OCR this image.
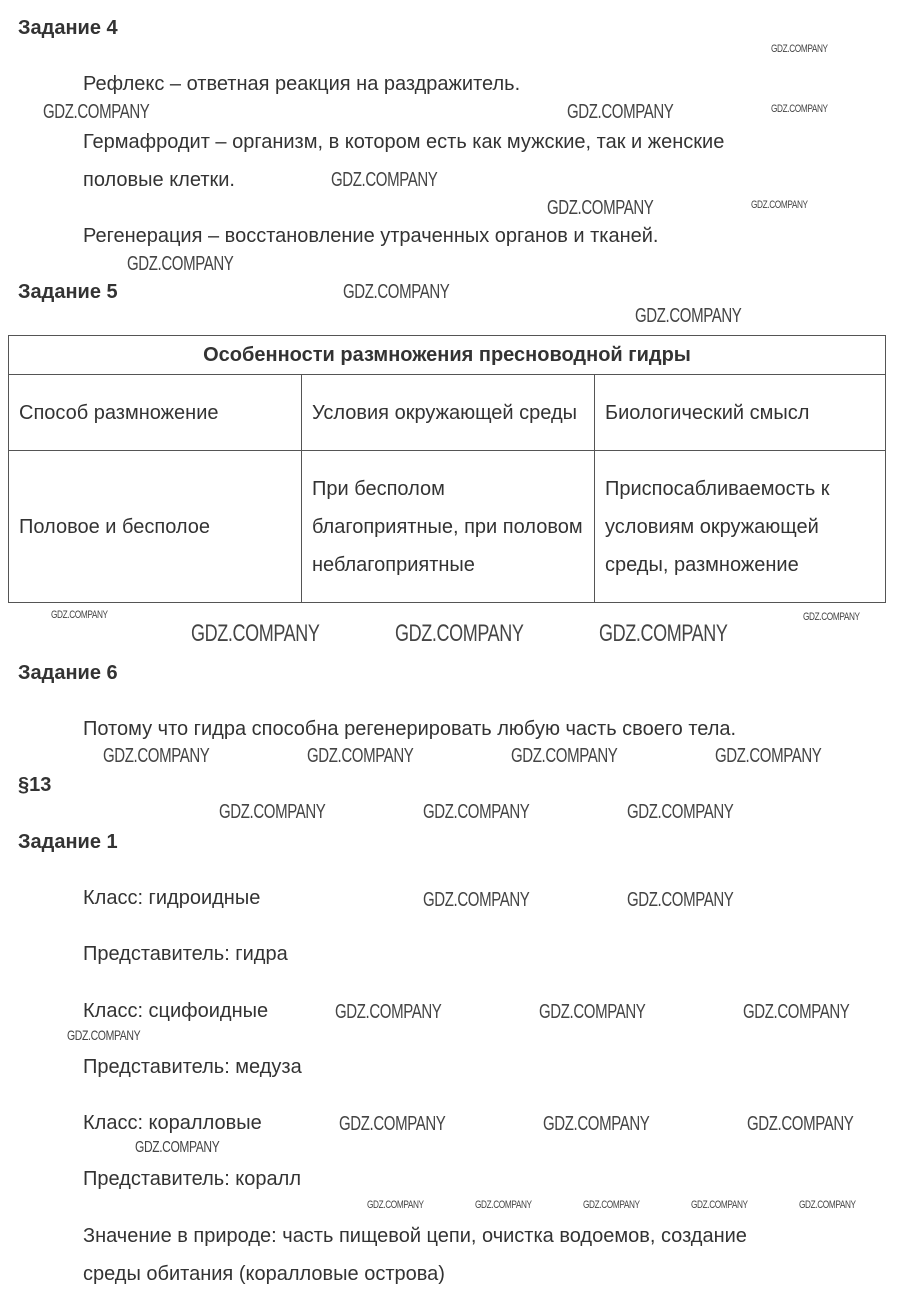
Задание 4
Рефлекс – ответная реакция на раздражитель.
Гермафродит – организм, в котором есть как мужские, так и женские
половые клетки.
Регенерация – восстановление утраченных органов и тканей.
Задание 5
Особенности размножения пресноводной гидры		
Способ размножение	Условия окружающей среды	Биологический смысл
Половое и бесполое	При бесполом благоприятные, при половом неблагоприятные	Приспосабливаемость к условиям окружающей среды, размножение
Задание 6
Потому что гидра способна регенерировать любую часть своего тела.
§13
Задание 1
Класс: гидроидные
Представитель: гидра
Класс: сцифоидные
Представитель: медуза
Класс: коралловые
Представитель: коралл
Значение в природе: часть пищевой цепи, очистка водоемов, создание
среды обитания (коралловые острова)
GDZ.COMPANY
GDZ.COMPANY
GDZ.COMPANY	GDZ.COMPANY
GDZ.COMPANY
GDZ.COMPANY	GDZ.COMPANY
GDZ.COMPANY
GDZ.COMPANY
GDZ.COMPANY
GDZ.COMPANY
GDZ.COMPANY	GDZ.COMPANY	GDZ.COMPANY
GDZ.COMPANY
GDZ.COMPANY	GDZ.COMPANY	GDZ.COMPANY	GDZ.COMPANY
GDZ.COMPANY	GDZ.COMPANY	GDZ.COMPANY
GDZ.COMPANY	GDZ.COMPANY
GDZ.COMPANY	GDZ.COMPANY	GDZ.COMPANY
GDZ.COMPANY
GDZ.COMPANY	GDZ.COMPANY	GDZ.COMPANY
GDZ.COMPANY
GDZ.COMPANY	GDZ.COMPANY	GDZ.COMPANY	GDZ.COMPANY	GDZ.COMPANY
